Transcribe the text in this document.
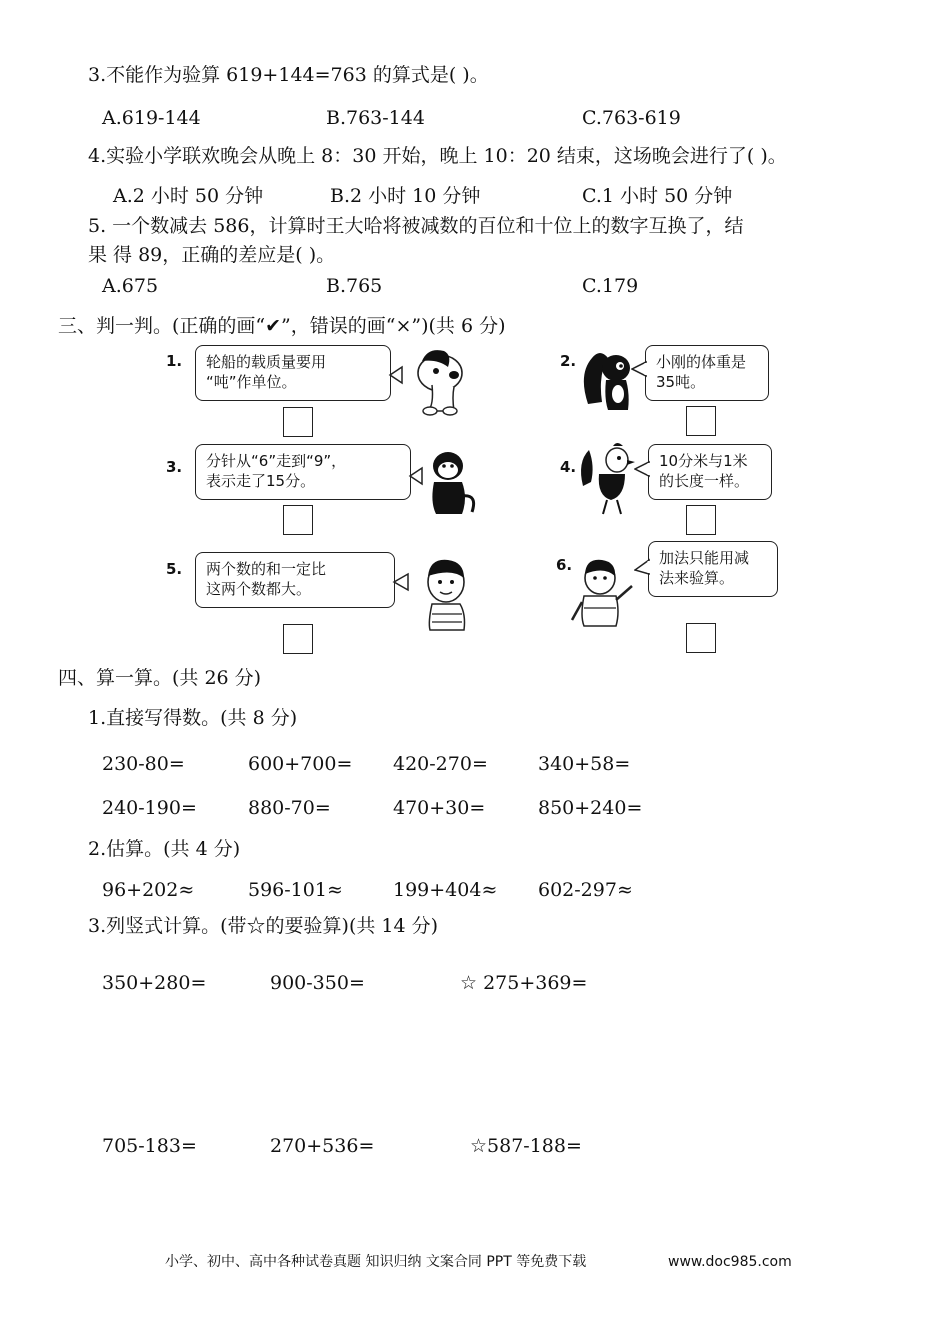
3.不能作为验算 619+144=763 的算式是( )。
A.619-144	B.763-144	C.763-619
4.实验小学联欢晚会从晚上 8：30 开始，晚上 10：20 结束，这场晚会进行了( )。
A.2 小时 50 分钟	B.2 小时 10 分钟	C.1 小时 50 分钟
5. 一个数减去 586，计算时王大哈将被减数的百位和十位上的数字互换了，结
果 得 89，正确的差应是( )。
A.675	B.765	C.179
三、判一判。(正确的画“✔”，错误的画“×”)(共 6 分)
1. 轮船的载质量要用
“吨”作单位。
2.	小刚的体重是
35吨。
3. 分针从“6”走到“9”，
表示走了15分。
4.	10分米与1米
的长度一样。
5. 两个数的和一定比
这两个数都大。
6.	加法只能用减
法来验算。
四、算一算。(共 26 分)
1.直接写得数。(共 8 分)
230-80=	600+700= 420-270=	340+58=
240-190=	880-70=	470+30=	850+240=
2.估算。(共 4 分)
96+202≈	596-101≈	199+404≈ 602-297≈
3.列竖式计算。(带☆的要验算)(共 14 分)
350+280=	900-350=	☆ 275+369=
705-183=	270+536=	☆587-188=
小学、初中、高中各种试卷真题 知识归纳 文案合同 PPT 等免费下载	www.doc985.com
